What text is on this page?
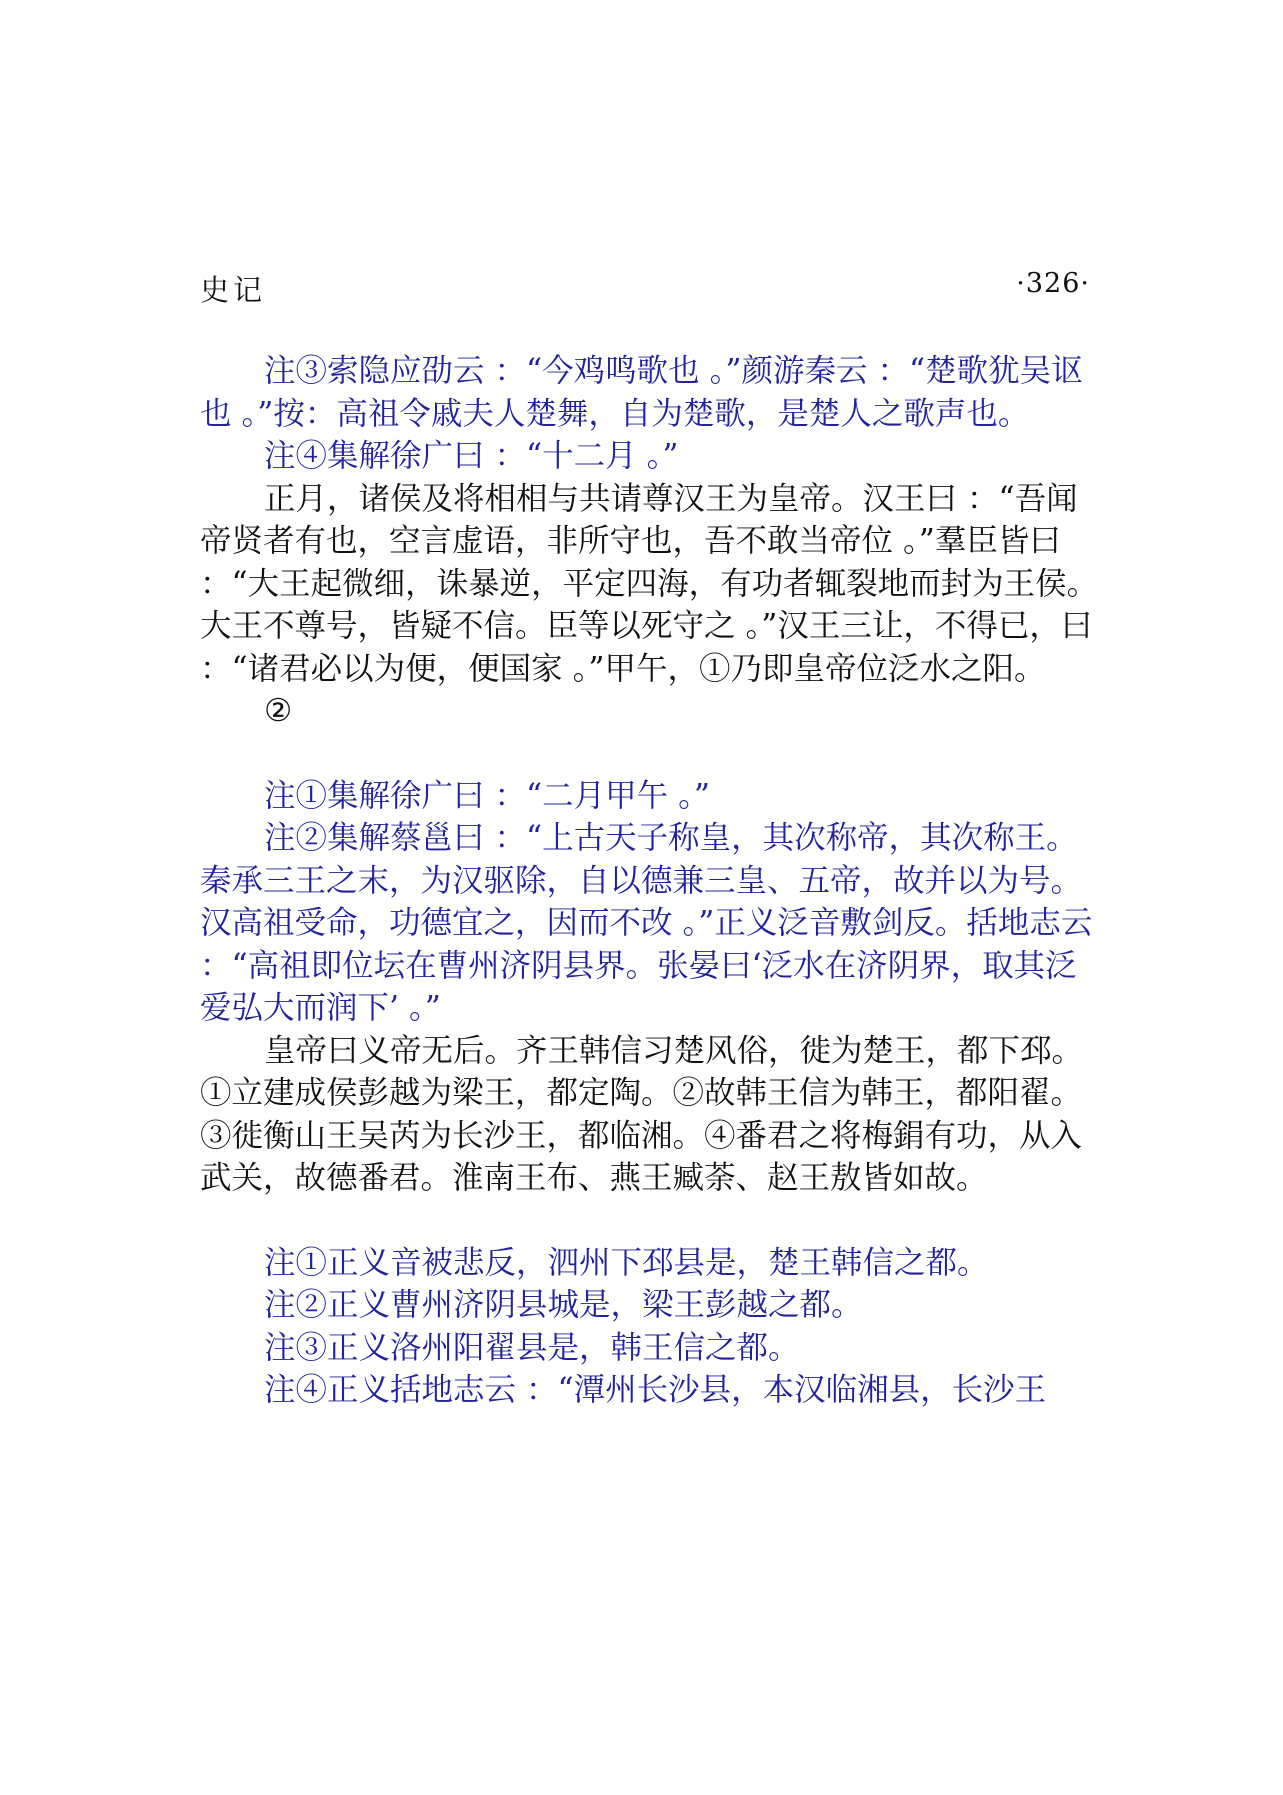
史记	·326·

注③索隐应劭云 ：“今鸡鸣歌也 。”颜游秦云 ：“楚歌犹吴讴也 。”按：高祖令戚夫人楚舞，自为楚歌，是楚人之歌声也。

注④集解徐广曰 ：“十二月 。”

正月，诸侯及将相相与共请尊汉王为皇帝。汉王曰 ：“吾闻帝贤者有也，空言虚语，非所守也，吾不敢当帝位 。”羣臣皆曰 ：“大王起微细，诛暴逆，平定四海，有功者辄裂地而封为王侯。大王不尊号，皆疑不信。臣等以死守之 。”汉王三让，不得已，曰 ：“诸君必以为便，便国家 。”甲午，①乃即皇帝位泛水之阳。

②

注①集解徐广曰 ：“二月甲午 。”

注②集解蔡邕曰 ：“上古天子称皇，其次称帝，其次称王。秦承三王之末，为汉驱除，自以德兼三皇、五帝，故并以为号。汉高祖受命，功德宜之，因而不改 。”正义泛音敷剑反。括地志云 ：“高祖即位坛在曹州济阴县界。张晏曰‘泛水在济阴界，取其泛爱弘大而润下’ 。”

皇帝曰义帝无后。齐王韩信习楚风俗，徙为楚王，都下邳。①立建成侯彭越为梁王，都定陶。②故韩王信为韩王，都阳翟。③徙衡山王吴芮为长沙王，都临湘。④番君之将梅鋗有功，从入武关，故德番君。淮南王布、燕王臧荼、赵王敖皆如故。

注①正义音被悲反，泗州下邳县是，楚王韩信之都。

注②正义曹州济阴县城是，梁王彭越之都。

注③正义洛州阳翟县是，韩王信之都。

注④正义括地志云 ：“潭州长沙县，本汉临湘县，长沙王
